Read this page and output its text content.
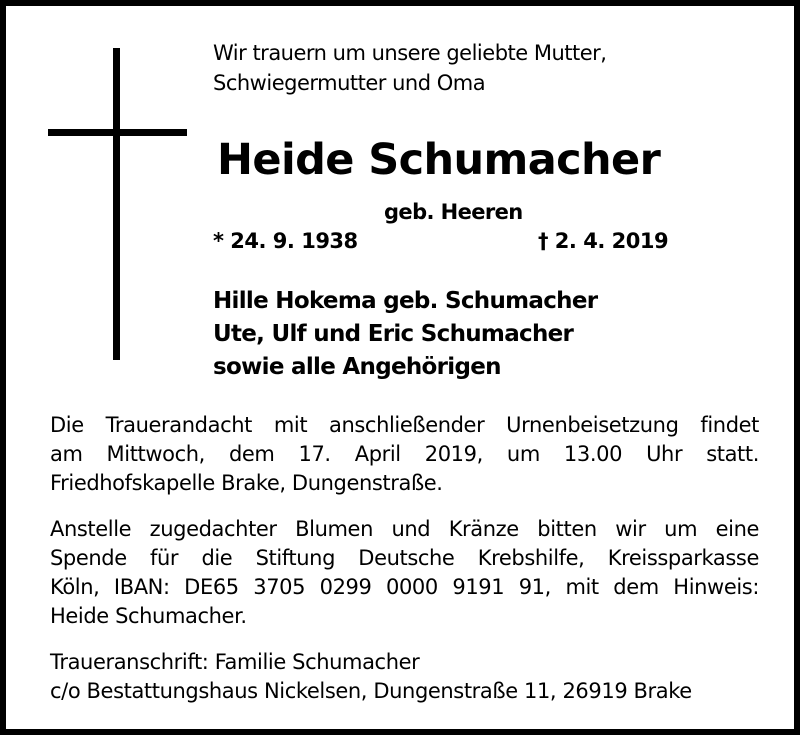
Wir trauern um unsere geliebte Mutter,
Schwiegermutter und Oma
Heide Schumacher
geb. Heeren
* 24. 9. 1938	† 2. 4. 2019
Hille Hokema geb. Schumacher
Ute, Ulf und Eric Schumacher
sowie alle Angehörigen
Die Trauerandacht mit anschließender Urnenbeisetzung findet
am Mittwoch, dem 17. April 2019, um 13.00 Uhr statt.
Friedhofskapelle Brake, Dungenstraße.
Anstelle zugedachter Blumen und Kränze bitten wir um eine
Spende für die Stiftung Deutsche Krebshilfe, Kreissparkasse
Köln, IBAN: DE65 3705 0299 0000 9191 91, mit dem Hinweis:
Heide Schumacher.
Traueranschrift: Familie Schumacher
c/o Bestattungshaus Nickelsen, Dungenstraße 11, 26919 Brake
